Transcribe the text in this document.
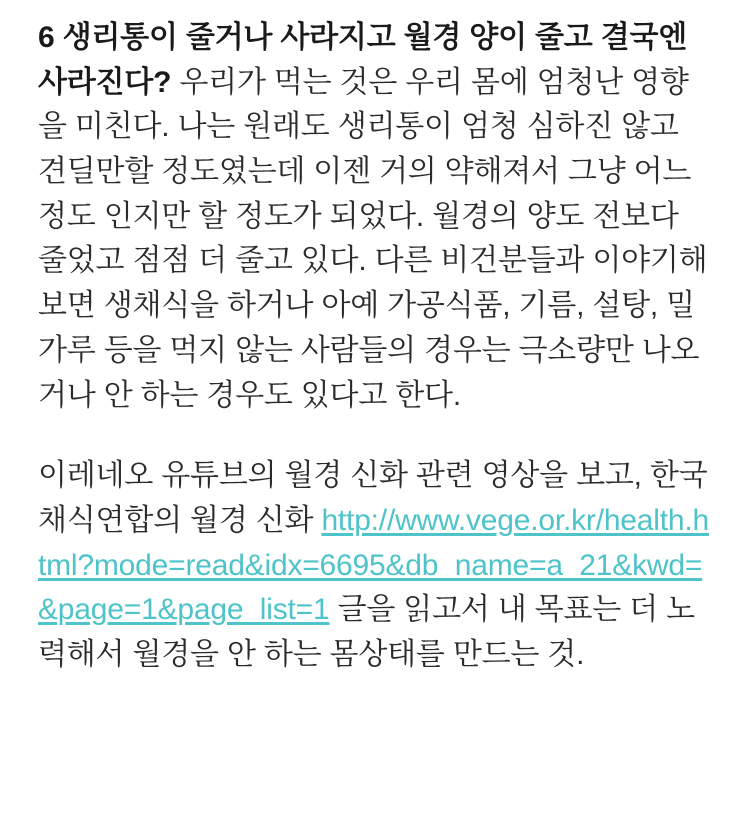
6 생리통이 줄거나 사라지고 월경 양이 줄고 결국엔 사라진다? 우리가 먹는 것은 우리 몸에 엄청난 영향을 미친다. 나는 원래도 생리통이 엄청 심하진 않고 견딜만할 정도였는데 이젠 거의 약해져서 그냥 어느 정도 인지만 할 정도가 되었다. 월경의 양도 전보다 줄었고 점점 더 줄고 있다. 다른 비건분들과 이야기해보면 생채식을 하거나 아예 가공식품, 기름, 설탕, 밀가루 등을 먹지 않는 사람들의 경우는 극소량만 나오거나 안 하는 경우도 있다고 한다.

이레네오 유튜브의 월경 신화 관련 영상을 보고, 한국 채식연합의 월경 신화 http://www.vege.or.kr/health.html?mode=read&idx=6695&db_name=a_21&kwd=&page=1&page_list=1 글을 읽고서 내 목표는 더 노력해서 월경을 안 하는 몸상태를 만드는 것.
